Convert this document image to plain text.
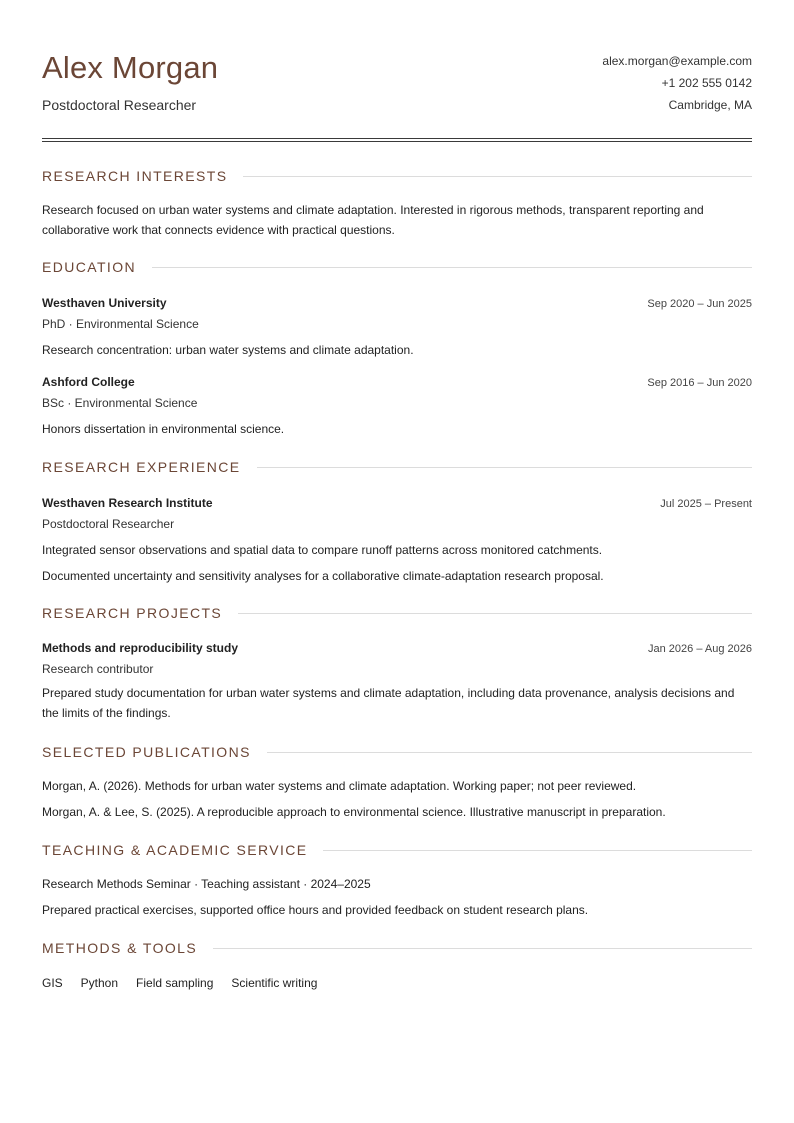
Alex Morgan
Postdoctoral Researcher
alex.morgan@example.com
+1 202 555 0142
Cambridge, MA
RESEARCH INTERESTS
Research focused on urban water systems and climate adaptation. Interested in rigorous methods, transparent reporting and collaborative work that connects evidence with practical questions.
EDUCATION
Westhaven University	Sep 2020 – Jun 2025
PhD · Environmental Science
Research concentration: urban water systems and climate adaptation.
Ashford College	Sep 2016 – Jun 2020
BSc · Environmental Science
Honors dissertation in environmental science.
RESEARCH EXPERIENCE
Westhaven Research Institute	Jul 2025 – Present
Postdoctoral Researcher
Integrated sensor observations and spatial data to compare runoff patterns across monitored catchments.
Documented uncertainty and sensitivity analyses for a collaborative climate-adaptation research proposal.
RESEARCH PROJECTS
Methods and reproducibility study	Jan 2026 – Aug 2026
Research contributor
Prepared study documentation for urban water systems and climate adaptation, including data provenance, analysis decisions and the limits of the findings.
SELECTED PUBLICATIONS
Morgan, A. (2026). Methods for urban water systems and climate adaptation. Working paper; not peer reviewed.
Morgan, A. & Lee, S. (2025). A reproducible approach to environmental science. Illustrative manuscript in preparation.
TEACHING & ACADEMIC SERVICE
Research Methods Seminar · Teaching assistant · 2024–2025
Prepared practical exercises, supported office hours and provided feedback on student research plans.
METHODS & TOOLS
GIS Python Field sampling Scientific writing
